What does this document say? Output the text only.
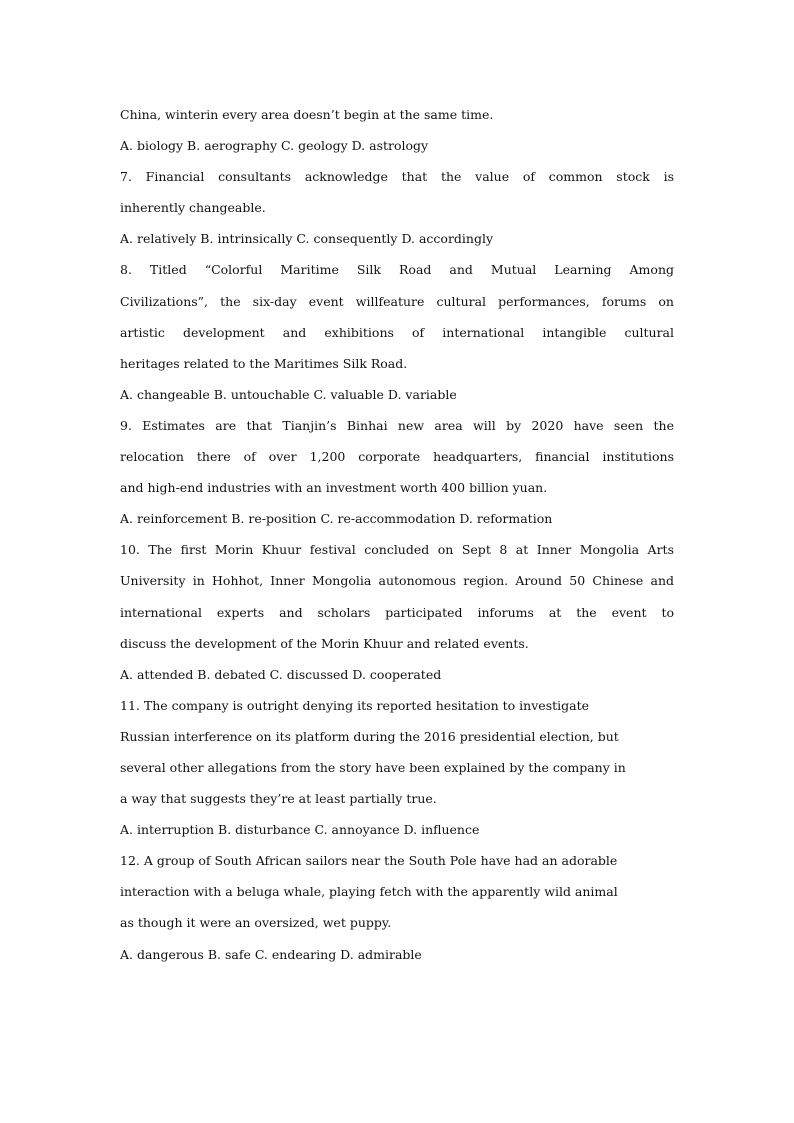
China, winterin every area doesn’t begin at the same time.
A. biology B. aerography C. geology D. astrology
7. Financial consultants acknowledge that the value of common stock is
inherently changeable.
A. relatively B. intrinsically C. consequently D. accordingly
8. Titled “Colorful Maritime Silk Road and Mutual Learning Among
Civilizations”, the six-day event willfeature cultural performances, forums on
artistic development and exhibitions of international intangible cultural
heritages related to the Maritimes Silk Road.
A. changeable B. untouchable C. valuable D. variable
9. Estimates are that Tianjin’s Binhai new area will by 2020 have seen the
relocation there of over 1,200 corporate headquarters, financial institutions
and high-end industries with an investment worth 400 billion yuan.
A. reinforcement B. re-position C. re-accommodation D. reformation
10. The first Morin Khuur festival concluded on Sept 8 at Inner Mongolia Arts
University in Hohhot, Inner Mongolia autonomous region. Around 50 Chinese and
international experts and scholars participated inforums at the event to
discuss the development of the Morin Khuur and related events.
A. attended B. debated C. discussed D. cooperated
11. The company is outright denying its reported hesitation to investigate
Russian interference on its platform during the 2016 presidential election, but
several other allegations from the story have been explained by the company in
a way that suggests they’re at least partially true.
A. interruption B. disturbance C. annoyance D. influence
12. A group of South African sailors near the South Pole have had an adorable
interaction with a beluga whale, playing fetch with the apparently wild animal
as though it were an oversized, wet puppy.
A. dangerous B. safe C. endearing D. admirable
